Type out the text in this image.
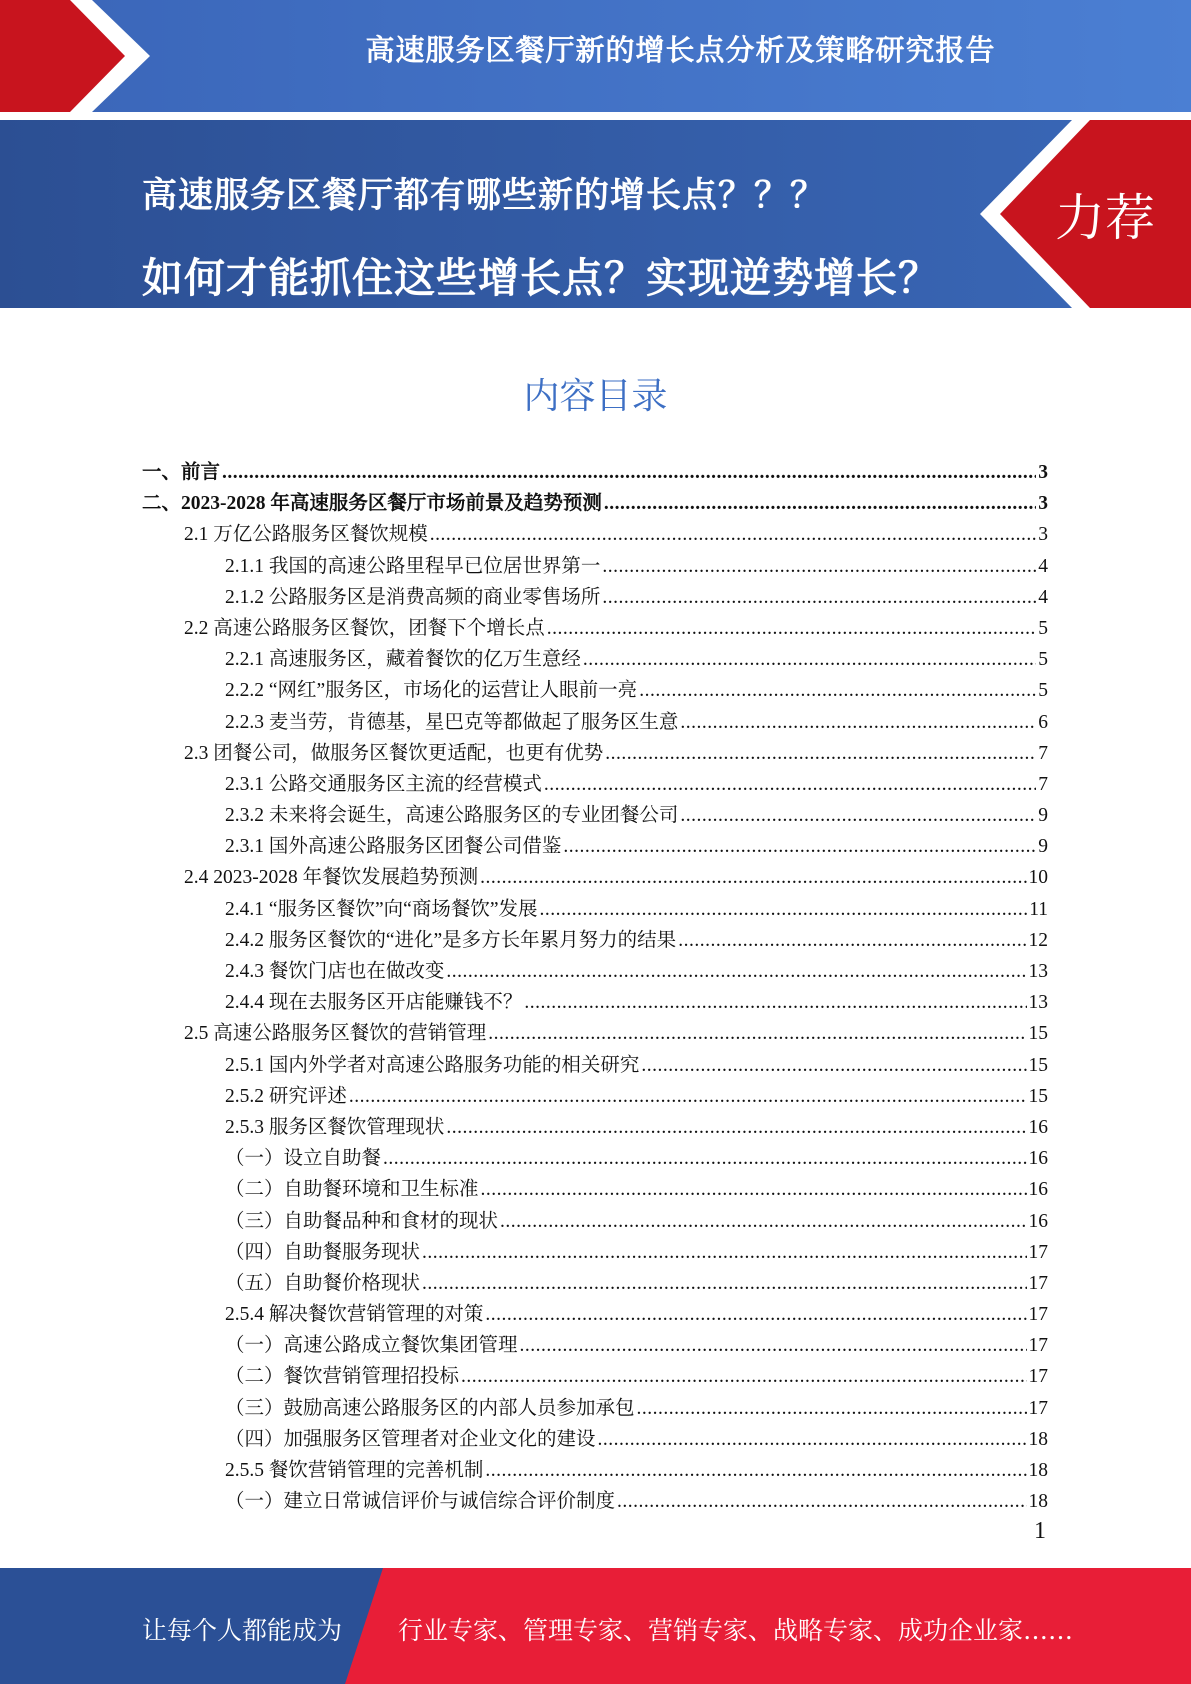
高速服务区餐厅新的增长点分析及策略研究报告
高速服务区餐厅都有哪些新的增长点？？？
如何才能抓住这些增长点？实现逆势增长？
力荐
内容目录
一、前言 .....	3
二、2023-2028 年高速服务区餐厅市场前景及趋势预测 .....	3
2.1 万亿公路服务区餐饮规模 .....	3
2.1.1 我国的高速公路里程早已位居世界第一 .....	4
2.1.2 公路服务区是消费高频的商业零售场所 .....	4
2.2 高速公路服务区餐饮，团餐下个增长点 .....	5
2.2.1 高速服务区，藏着餐饮的亿万生意经 .....	5
2.2.2 “网红”服务区，市场化的运营让人眼前一亮 .....	5
2.2.3 麦当劳，肯德基，星巴克等都做起了服务区生意 .....	6
2.3 团餐公司，做服务区餐饮更适配，也更有优势 .....	7
2.3.1 公路交通服务区主流的经营模式 .....	7
2.3.2 未来将会诞生，高速公路服务区的专业团餐公司 .....	9
2.3.1 国外高速公路服务区团餐公司借鉴 .....	9
2.4 2023-2028 年餐饮发展趋势预测 .....	10
2.4.1 “服务区餐饮”向“商场餐饮”发展 .....	11
2.4.2 服务区餐饮的“进化”是多方长年累月努力的结果 .....	12
2.4.3 餐饮门店也在做改变 .....	13
2.4.4 现在去服务区开店能赚钱不？ .....	13
2.5 高速公路服务区餐饮的营销管理 .....	15
2.5.1 国内外学者对高速公路服务功能的相关研究 .....	15
2.5.2 研究评述 .....	15
2.5.3 服务区餐饮管理现状 .....	16
（一）设立自助餐 .....	16
（二）自助餐环境和卫生标准 .....	16
（三）自助餐品种和食材的现状 .....	16
（四）自助餐服务现状 .....	17
（五）自助餐价格现状 .....	17
2.5.4 解决餐饮营销管理的对策 .....	17
（一）高速公路成立餐饮集团管理 .....	17
（二）餐饮营销管理招投标 .....	17
（三）鼓励高速公路服务区的内部人员参加承包 .....	17
（四）加强服务区管理者对企业文化的建设 .....	18
2.5.5 餐饮营销管理的完善机制 .....	18
（一）建立日常诚信评价与诚信综合评价制度 .....	18
1
让每个人都能成为 行业专家、管理专家、营销专家、战略专家、成功企业家……
